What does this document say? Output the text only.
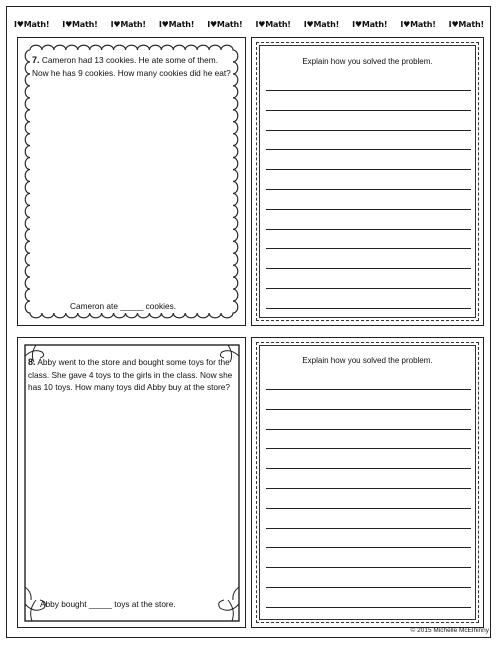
I♥Math! I♥Math! I♥Math! I♥Math! I♥Math! I♥Math! I♥Math! I♥Math! I♥Math! I♥Math!
7. Cameron had 13 cookies. He ate some of them. Now he has 9 cookies. How many cookies did he eat?
Cameron ate _____ cookies.
8. Abby went to the store and bought some toys for the class. She gave 4 toys to the girls in the class. Now she has 10 toys. How many toys did Abby buy at the store?
Abby bought _____ toys at the store.
Explain how you solved the problem.
Explain how you solved the problem.
© 2015 Michelle McElhinny
